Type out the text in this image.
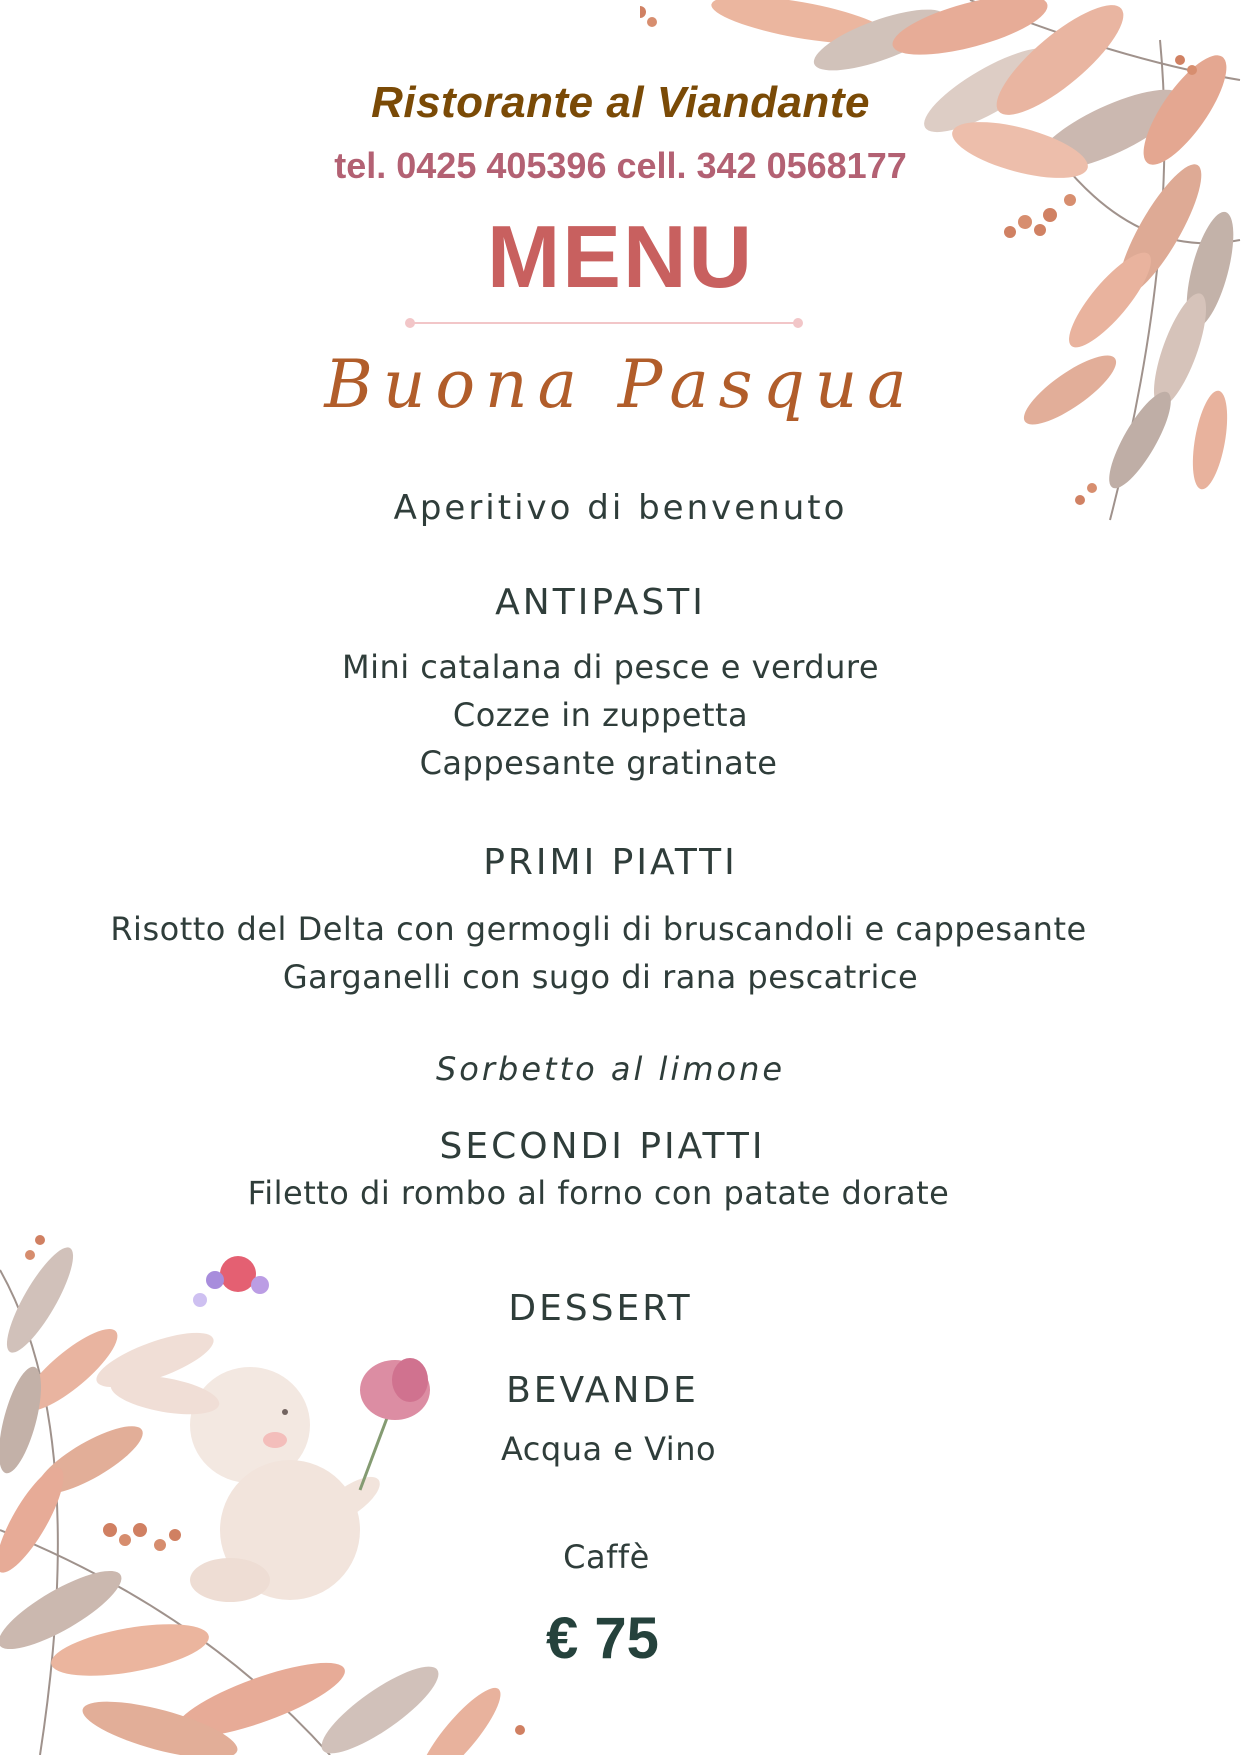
Ristorante al Viandante
tel. 0425 405396 cell. 342 0568177
MENU
Buona Pasqua
Aperitivo di benvenuto
ANTIPASTI
Mini catalana di pesce e verdure
Cozze in zuppetta
Cappesante gratinate
PRIMI PIATTI
Risotto del Delta con germogli di bruscandoli e cappesante
Garganelli con sugo di rana pescatrice
Sorbetto al limone
SECONDI PIATTI
Filetto di rombo al forno con patate dorate
DESSERT
BEVANDE
Acqua e Vino
Caffè
€ 75
